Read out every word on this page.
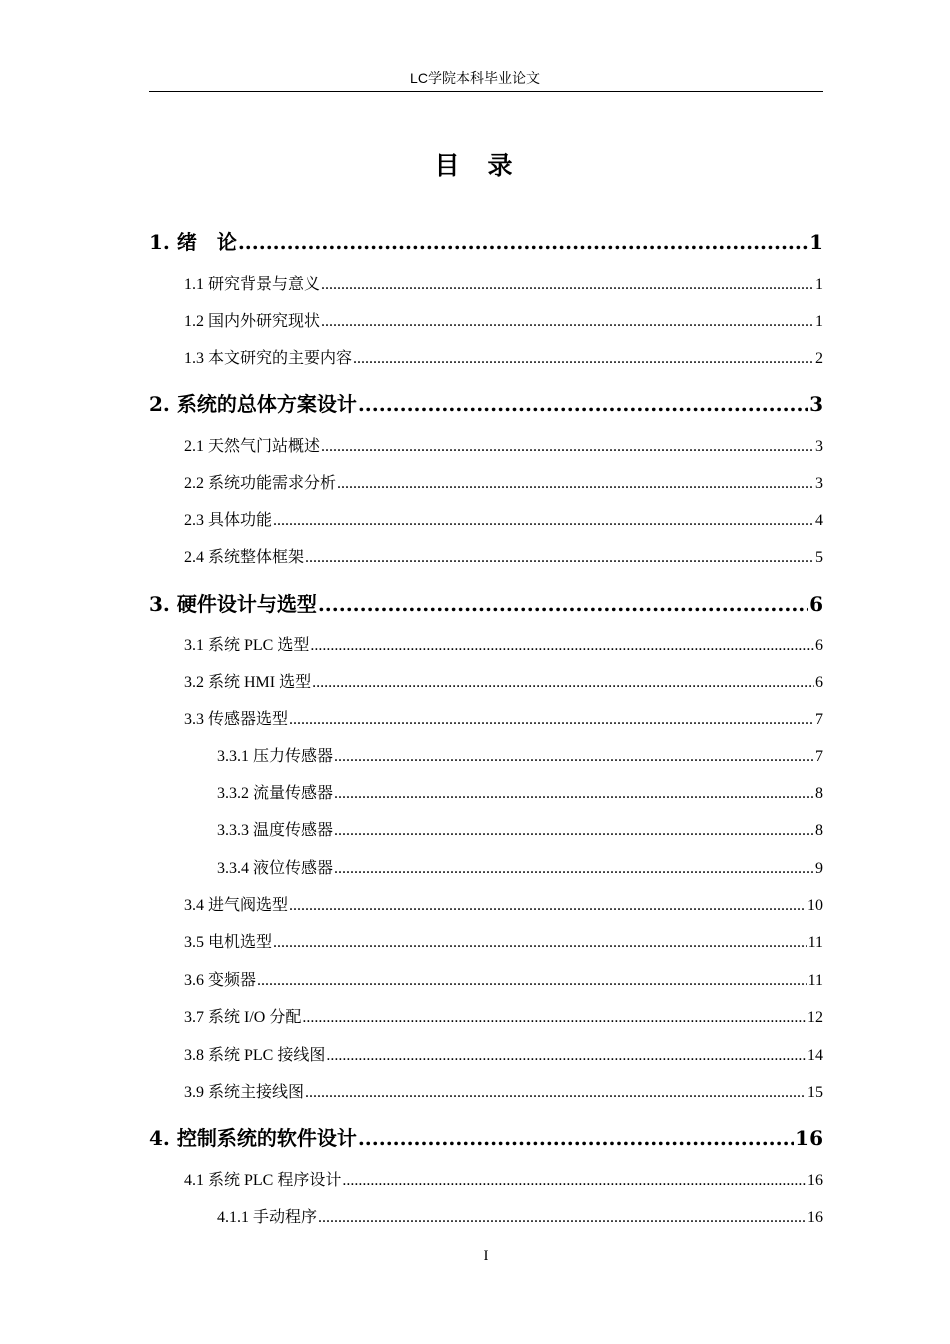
LC学院本科毕业论文
目录
1. 绪　论 .....	1
1.1 研究背景与意义 .....	1
1.2 国内外研究现状 .....	1
1.3 本文研究的主要内容 .....	2
2. 系统的总体方案设计 .....	3
2.1 天然气门站概述 .....	3
2.2 系统功能需求分析 .....	3
2.3 具体功能 .....	4
2.4 系统整体框架 .....	5
3. 硬件设计与选型 .....	6
3.1 系统 PLC 选型 .....	6
3.2 系统 HMI 选型 .....	6
3.3 传感器选型 .....	7
3.3.1 压力传感器 .....	7
3.3.2 流量传感器 .....	8
3.3.3 温度传感器 .....	8
3.3.4 液位传感器 .....	9
3.4 进气阀选型 .....	10
3.5 电机选型 .....	11
3.6 变频器 .....	11
3.7 系统 I/O 分配 .....	12
3.8 系统 PLC 接线图 .....	14
3.9 系统主接线图 .....	15
4. 控制系统的软件设计 .....	16
4.1 系统 PLC 程序设计 .....	16
4.1.1 手动程序 .....	16
I
